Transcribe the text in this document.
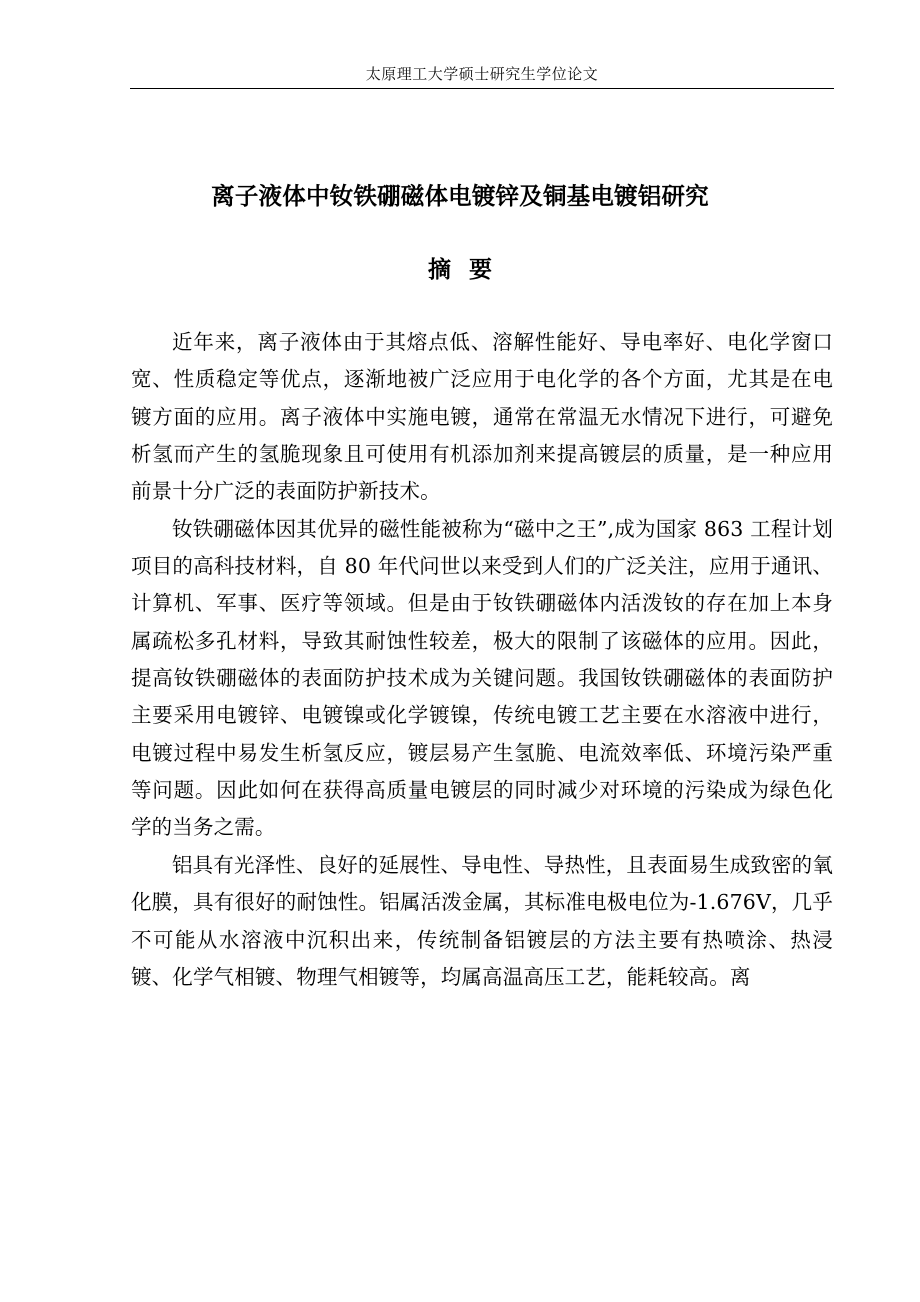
太原理工大学硕士研究生学位论文
离子液体中钕铁硼磁体电镀锌及铜基电镀铝研究
摘要

近年来，离子液体由于其熔点低、溶解性能好、导电率好、电化学窗口宽、性质稳定等优点，逐渐地被广泛应用于电化学的各个方面，尤其是在电镀方面的应用。离子液体中实施电镀，通常在常温无水情况下进行，可避免析氢而产生的氢脆现象且可使用有机添加剂来提高镀层的质量，是一种应用前景十分广泛的表面防护新技术。

钕铁硼磁体因其优异的磁性能被称为“磁中之王”,成为国家 863 工程计划项目的高科技材料，自 80 年代问世以来受到人们的广泛关注，应用于通讯、计算机、军事、医疗等领域。但是由于钕铁硼磁体内活泼钕的存在加上本身属疏松多孔材料，导致其耐蚀性较差，极大的限制了该磁体的应用。因此，提高钕铁硼磁体的表面防护技术成为关键问题。我国钕铁硼磁体的表面防护主要采用电镀锌、电镀镍或化学镀镍，传统电镀工艺主要在水溶液中进行，电镀过程中易发生析氢反应，镀层易产生氢脆、电流效率低、环境污染严重等问题。因此如何在获得高质量电镀层的同时减少对环境的污染成为绿色化学的当务之需。

铝具有光泽性、良好的延展性、导电性、导热性，且表面易生成致密的氧化膜，具有很好的耐蚀性。铝属活泼金属，其标准电极电位为-1.676V，几乎不可能从水溶液中沉积出来，传统制备铝镀层的方法主要有热喷涂、热浸镀、化学气相镀、物理气相镀等，均属高温高压工艺，能耗较高。离
